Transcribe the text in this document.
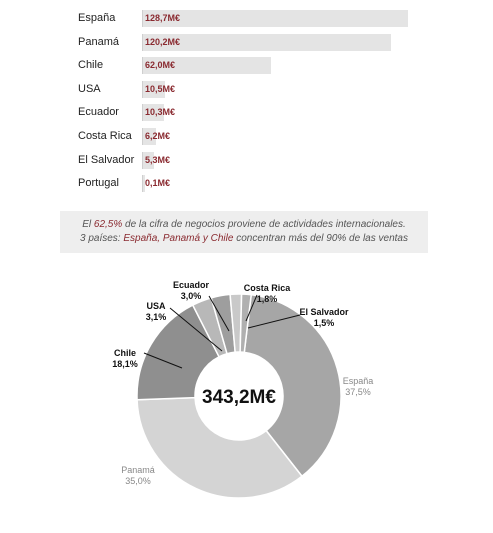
España	128,7M€
Panamá	120,2M€
Chile	62,0M€
USA	10,5M€
Ecuador	10,3M€
Costa Rica	6,2M€
El Salvador	5,3M€
Portugal	0,1M€
El 62,5% de la cifra de negocios proviene de actividades internacionales.
3 países: España, Panamá y Chile concentran más del 90% de las ventas
343,2M€
España
37,5%
Panamá
35,0%
Chile
18,1%
USA
3,1%
Ecuador
3,0%
Costa Rica
1,8%
El Salvador
1,5%
